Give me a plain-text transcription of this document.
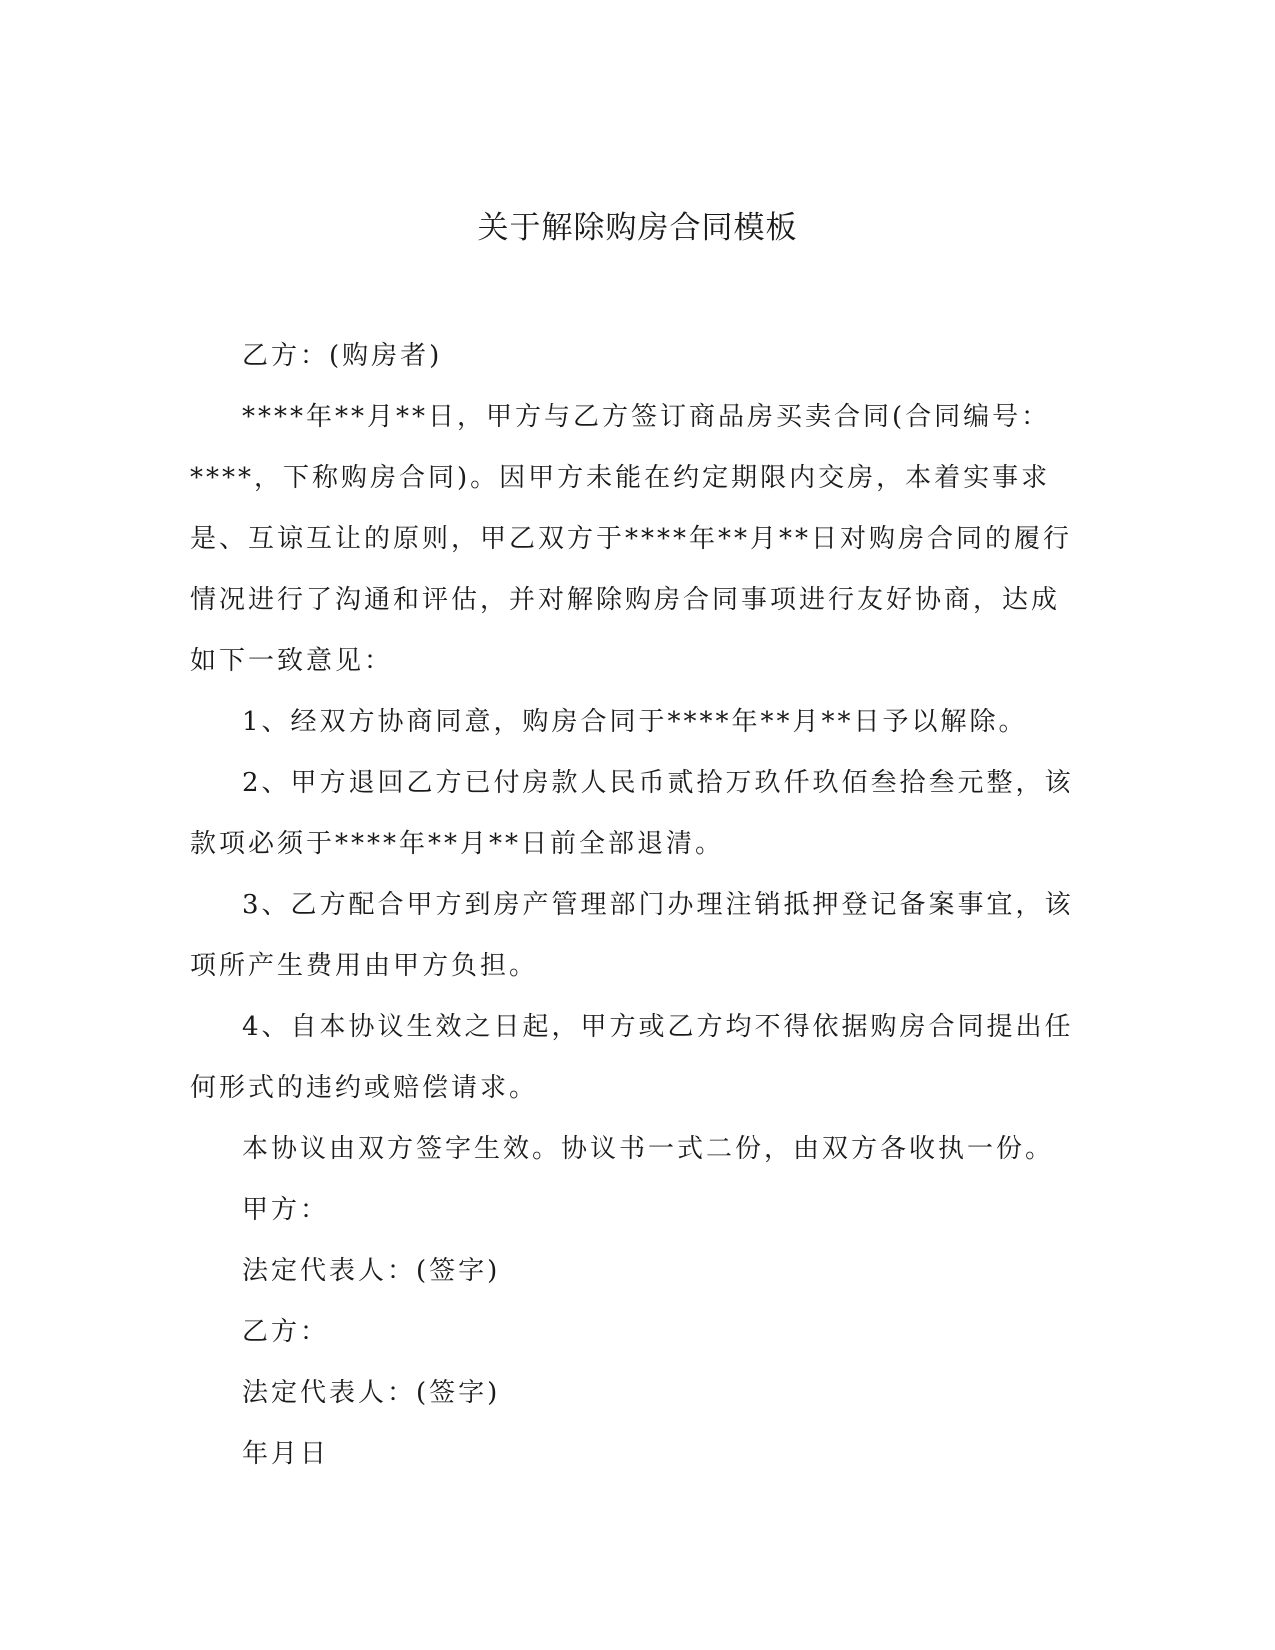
关于解除购房合同模板

乙方：(购房者)

****年**月**日，甲方与乙方签订商品房买卖合同(合同编号：****，下称购房合同)。因甲方未能在约定期限内交房，本着实事求是、互谅互让的原则，甲乙双方于****年**月**日对购房合同的履行情况进行了沟通和评估，并对解除购房合同事项进行友好协商，达成如下一致意见：

1、经双方协商同意，购房合同于****年**月**日予以解除。

2、甲方退回乙方已付房款人民币贰拾万玖仟玖佰叁拾叁元整，该款项必须于****年**月**日前全部退清。

3、乙方配合甲方到房产管理部门办理注销抵押登记备案事宜，该项所产生费用由甲方负担。

4、自本协议生效之日起，甲方或乙方均不得依据购房合同提出任何形式的违约或赔偿请求。

本协议由双方签字生效。协议书一式二份，由双方各收执一份。

甲方：

法定代表人：(签字)

乙方：

法定代表人：(签字)

年月日
